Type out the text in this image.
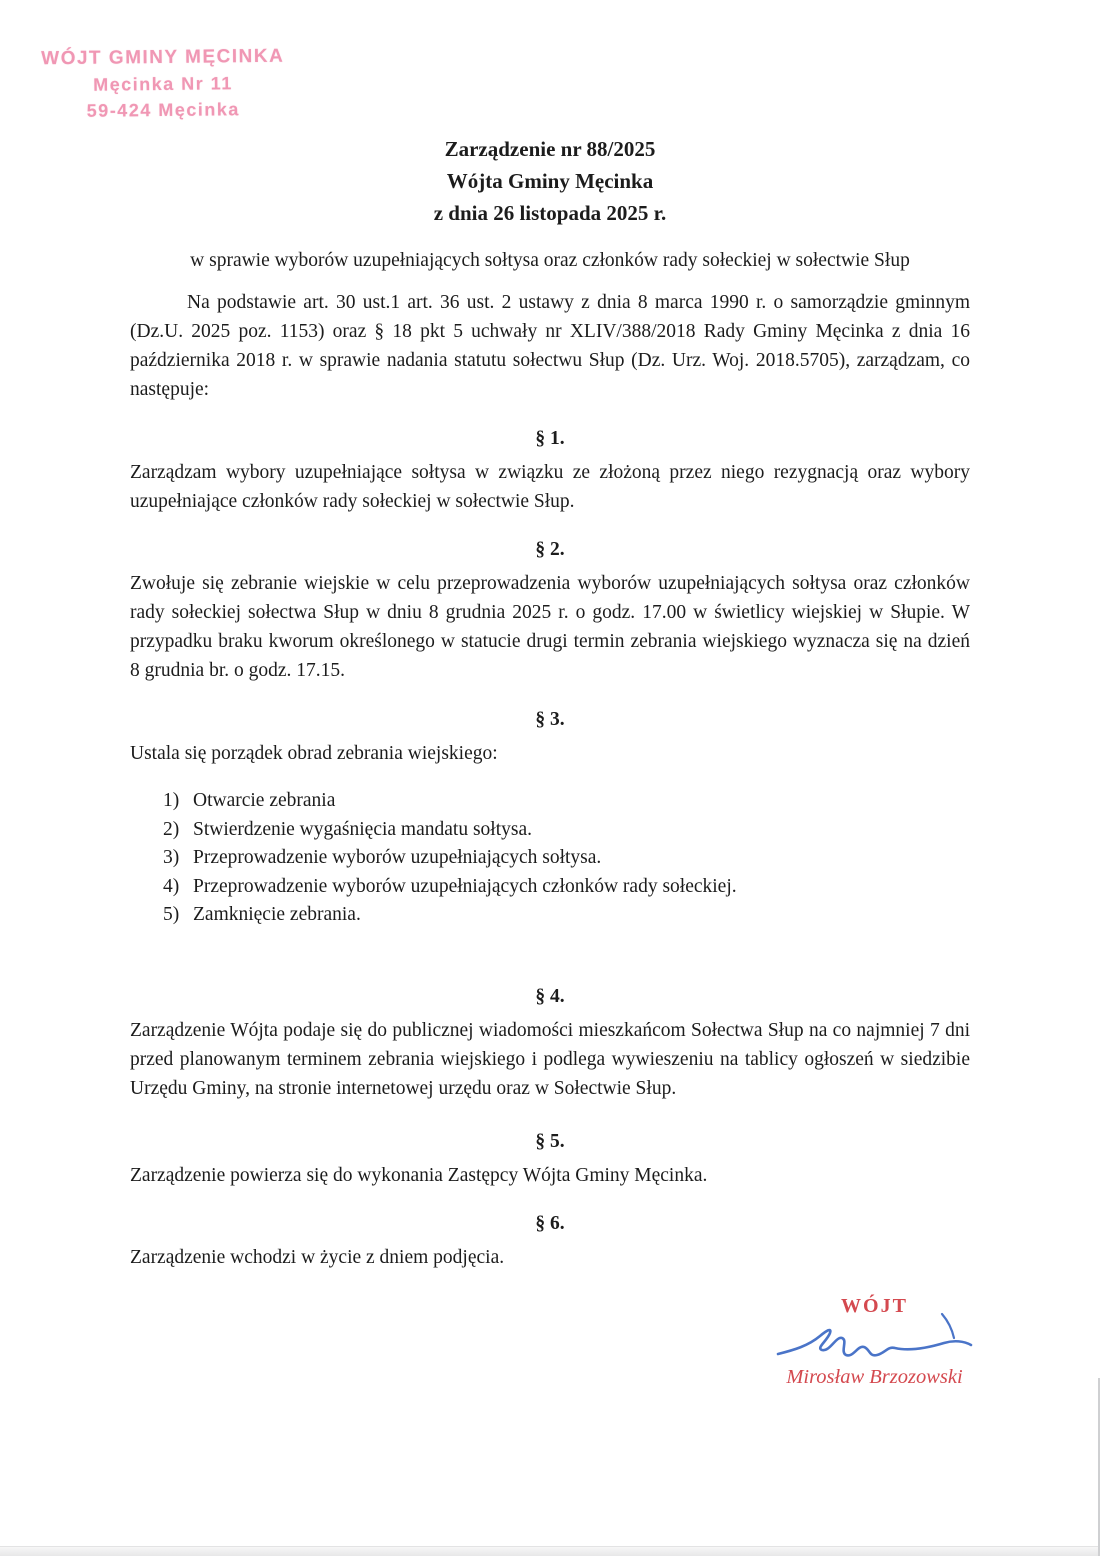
WÓJT GMINY MĘCINKA
Męcinka Nr 11
59-424 Męcinka
Zarządzenie nr 88/2025
Wójta Gminy Męcinka
z dnia 26 listopada 2025 r.
w sprawie wyborów uzupełniających sołtysa oraz członków rady sołeckiej w sołectwie Słup

Na podstawie art. 30 ust.1 art. 36 ust. 2 ustawy z dnia 8 marca 1990 r. o samorządzie gminnym (Dz.U. 2025 poz. 1153) oraz § 18 pkt 5 uchwały nr XLIV/388/2018 Rady Gminy Męcinka z dnia 16 października 2018 r. w sprawie nadania statutu sołectwu Słup (Dz. Urz. Woj. 2018.5705), zarządzam, co następuje:

§ 1.

Zarządzam wybory uzupełniające sołtysa w związku ze złożoną przez niego rezygnacją oraz wybory uzupełniające członków rady sołeckiej w sołectwie Słup.

§ 2.

Zwołuje się zebranie wiejskie w celu przeprowadzenia wyborów uzupełniających sołtysa oraz członków rady sołeckiej sołectwa Słup w dniu 8 grudnia 2025 r. o godz. 17.00 w świetlicy wiejskiej w Słupie. W przypadku braku kworum określonego w statucie drugi termin zebrania wiejskiego wyznacza się na dzień 8 grudnia br. o godz. 17.15.

§ 3.

Ustala się porządek obrad zebrania wiejskiego:

1) Otwarcie zebrania
2) Stwierdzenie wygaśnięcia mandatu sołtysa.
3) Przeprowadzenie wyborów uzupełniających sołtysa.
4) Przeprowadzenie wyborów uzupełniających członków rady sołeckiej.
5) Zamknięcie zebrania.
§ 4.

Zarządzenie Wójta podaje się do publicznej wiadomości mieszkańcom Sołectwa Słup na co najmniej 7 dni przed planowanym terminem zebrania wiejskiego i podlega wywieszeniu na tablicy ogłoszeń w siedzibie Urzędu Gminy, na stronie internetowej urzędu oraz w Sołectwie Słup.

§ 5.

Zarządzenie powierza się do wykonania Zastępcy Wójta Gminy Męcinka.

§ 6.

Zarządzenie wchodzi w życie z dniem podjęcia.

WÓJT
Mirosław Brzozowski
